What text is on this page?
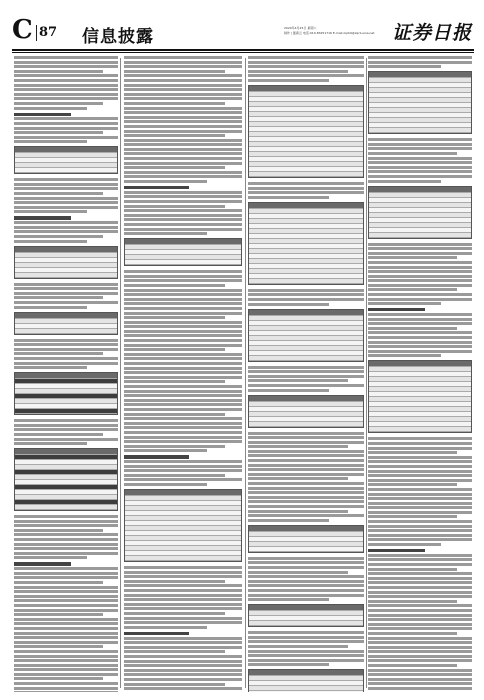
C 87 信息披露	2020年4月25日 星期六
制作 | 董春云 电话:010-83251716 E-mail:zqrb9@zqrb.sina.net 证券日报
